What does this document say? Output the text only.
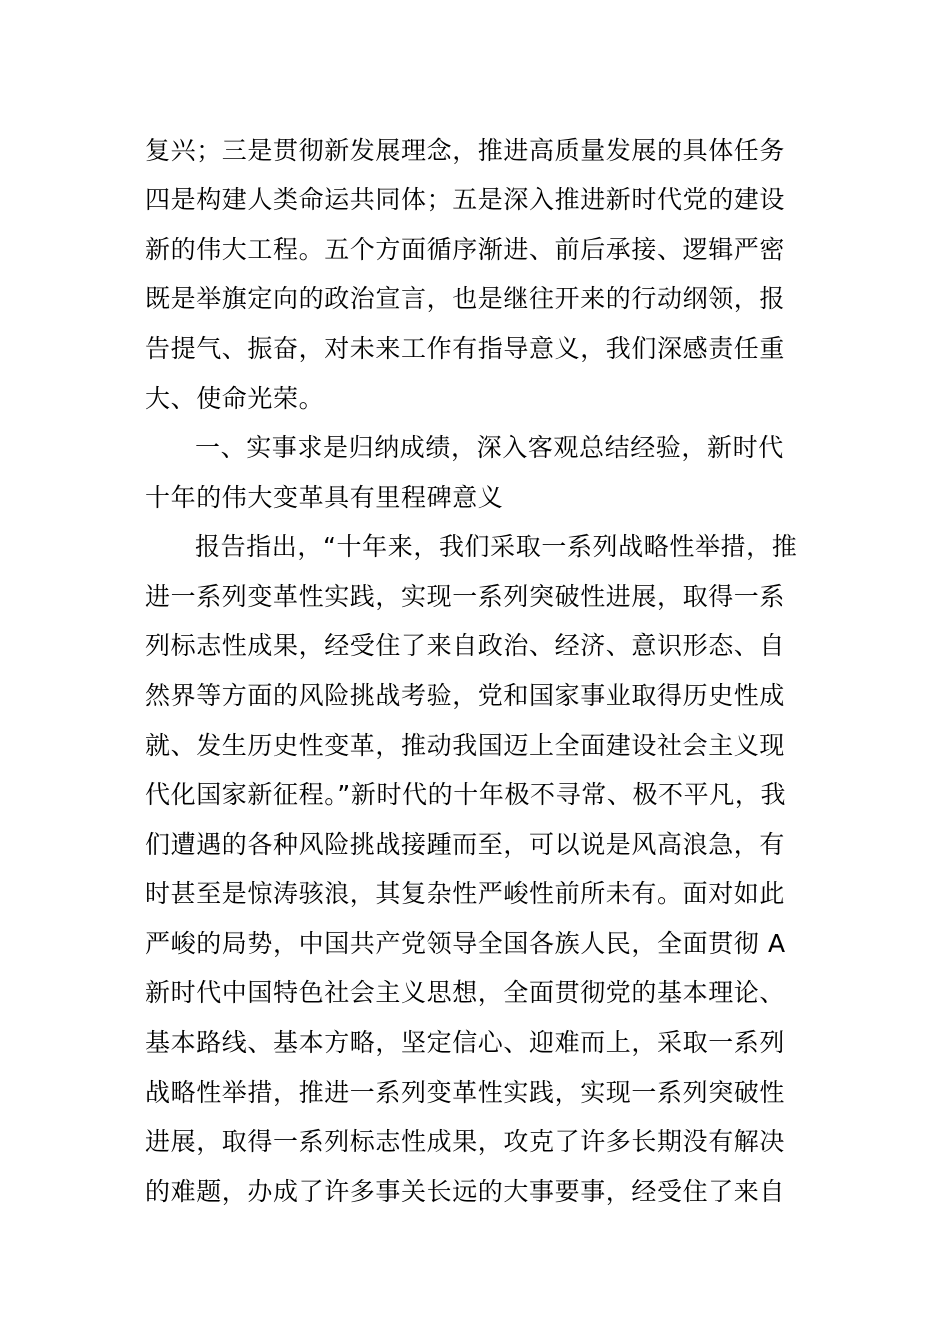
复兴；三是贯彻新发展理念，推进高质量发展的具体任务
四是构建人类命运共同体；五是深入推进新时代党的建设
新的伟大工程。五个方面循序渐进、前后承接、逻辑严密
既是举旗定向的政治宣言，也是继往开来的行动纲领，报
告提气、振奋，对未来工作有指导意义，我们深感责任重
大、使命光荣。
一、实事求是归纳成绩，深入客观总结经验，新时代
十年的伟大变革具有里程碑意义
报告指出，“十年来，我们采取一系列战略性举措，推
进一系列变革性实践，实现一系列突破性进展，取得一系
列标志性成果，经受住了来自政治、经济、意识形态、自
然界等方面的风险挑战考验，党和国家事业取得历史性成
就、发生历史性变革，推动我国迈上全面建设社会主义现
代化国家新征程。”新时代的十年极不寻常、极不平凡，我
们遭遇的各种风险挑战接踵而至，可以说是风高浪急，有
时甚至是惊涛骇浪，其复杂性严峻性前所未有。面对如此
严峻的局势，中国共产党领导全国各族人民，全面贯彻 A
新时代中国特色社会主义思想，全面贯彻党的基本理论、
基本路线、基本方略，坚定信心、迎难而上，采取一系列
战略性举措，推进一系列变革性实践，实现一系列突破性
进展，取得一系列标志性成果，攻克了许多长期没有解决
的难题，办成了许多事关长远的大事要事，经受住了来自
